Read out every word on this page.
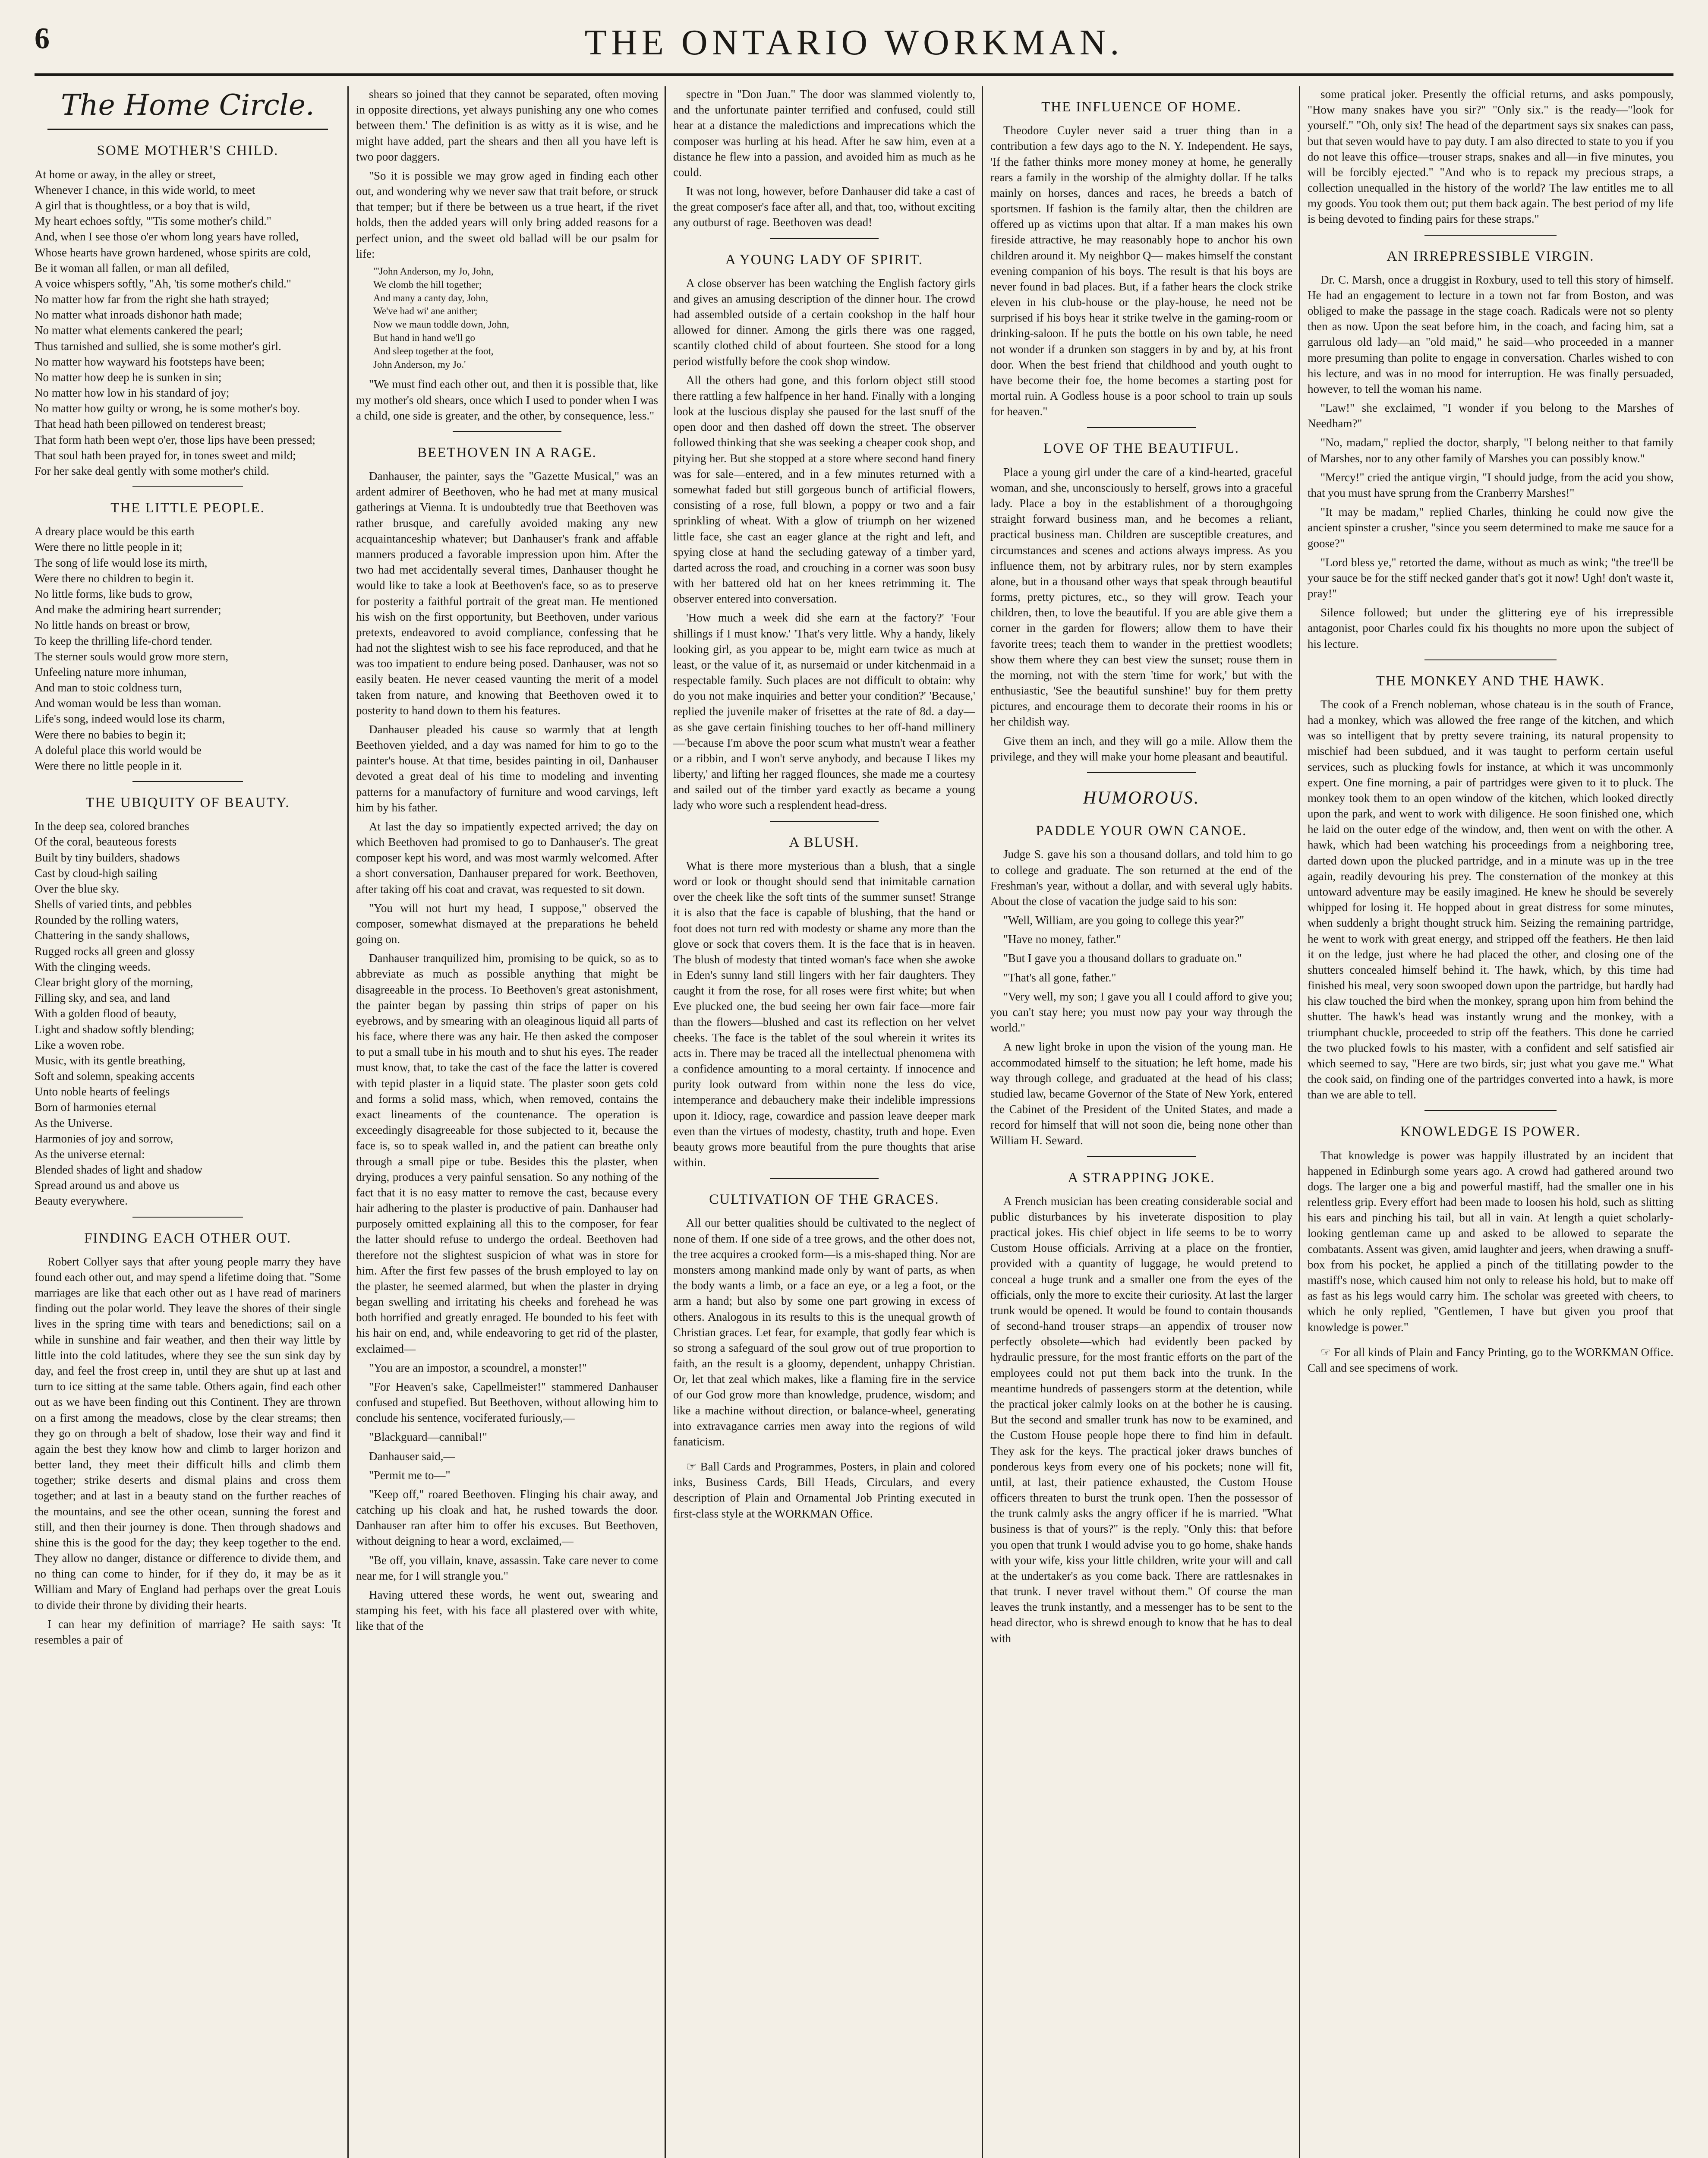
6	THE ONTARIO WORKMAN.
The Home Circle.
SOME MOTHER'S CHILD.
At home or away, in the alley or street,
Whenever I chance, in this wide world, to meet
A girl that is thoughtless, or a boy that is wild,
My heart echoes softly, "'Tis some mother's child."
And, when I see those o'er whom long years have rolled,
Whose hearts have grown hardened, whose spirits are cold,
Be it woman all fallen, or man all defiled,
A voice whispers softly, "Ah, 'tis some mother's child."
No matter how far from the right she hath strayed;
No matter what inroads dishonor hath made;
No matter what elements cankered the pearl;
Thus tarnished and sullied, she is some mother's girl.
No matter how wayward his footsteps have been;
No matter how deep he is sunken in sin;
No matter how low in his standard of joy;
No matter how guilty or wrong, he is some mother's boy.
That head hath been pillowed on tenderest breast;
That form hath been wept o'er, those lips have been pressed;
That soul hath been prayed for, in tones sweet and mild;
For her sake deal gently with some mother's child.
THE LITTLE PEOPLE.
A dreary place would be this earth
Were there no little people in it;
The song of life would lose its mirth,
Were there no children to begin it.
No little forms, like buds to grow,
And make the admiring heart surrender;
No little hands on breast or brow,
To keep the thrilling life-chord tender.
The sterner souls would grow more stern,
Unfeeling nature more inhuman,
And man to stoic coldness turn,
And woman would be less than woman.
Life's song, indeed would lose its charm,
Were there no babies to begin it;
A doleful place this world would be
Were there no little people in it.
THE UBIQUITY OF BEAUTY.
In the deep sea, colored branches
Of the coral, beauteous forests
Built by tiny builders, shadows
Cast by cloud-high sailing
Over the blue sky.
Shells of varied tints, and pebbles
Rounded by the rolling waters,
Chattering in the sandy shallows,
Rugged rocks all green and glossy
With the clinging weeds.
Clear bright glory of the morning,
Filling sky, and sea, and land
With a golden flood of beauty,
Light and shadow softly blending;
Like a woven robe.
Music, with its gentle breathing,
Soft and solemn, speaking accents
Unto noble hearts of feelings
Born of harmonies eternal
As the Universe.
Harmonies of joy and sorrow,
As the universe eternal:
Blended shades of light and shadow
Spread around us and above us
Beauty everywhere.
FINDING EACH OTHER OUT.

Robert Collyer says that after young people marry they have found each other out, and may spend a lifetime doing that. "Some marriages are like that each other out as I have read of mariners finding out the polar world. They leave the shores of their single lives in the spring time with tears and benedictions; sail on a while in sunshine and fair weather, and then their way little by little into the cold latitudes, where they see the sun sink day by day, and feel the frost creep in, until they are shut up at last and turn to ice sitting at the same table. Others again, find each other out as we have been finding out this Continent. They are thrown on a first among the meadows, close by the clear streams; then they go on through a belt of shadow, lose their way and find it again the best they know how and climb to larger horizon and better land, they meet their difficult hills and climb them together; strike deserts and dismal plains and cross them together; and at last in a beauty stand on the further reaches of the mountains, and see the other ocean, sunning the forest and still, and then their journey is done. Then through shadows and shine this is the good for the day; they keep together to the end. They allow no danger, distance or difference to divide them, and no thing can come to hinder, for if they do, it may be as it William and Mary of England had perhaps over the great Louis to divide their throne by dividing their hearts.

I can hear my definition of marriage? He saith says: 'It resembles a pair of

shears so joined that they cannot be separated, often moving in opposite directions, yet always punishing any one who comes between them.' The definition is as witty as it is wise, and he might have added, part the shears and then all you have left is two poor daggers.

"So it is possible we may grow aged in finding each other out, and wondering why we never saw that trait before, or struck that temper; but if there be between us a true heart, if the rivet holds, then the added years will only bring added reasons for a perfect union, and the sweet old ballad will be our psalm for life:

"'John Anderson, my Jo, John,
We clomb the hill together;
And many a canty day, John,
We've had wi' ane anither;
Now we maun toddle down, John,
But hand in hand we'll go
And sleep together at the foot,
John Anderson, my Jo.'

"We must find each other out, and then it is possible that, like my mother's old shears, once which I used to ponder when I was a child, one side is greater, and the other, by consequence, less."

BEETHOVEN IN A RAGE.

Danhauser, the painter, says the "Gazette Musical," was an ardent admirer of Beethoven, who he had met at many musical gatherings at Vienna. It is undoubtedly true that Beethoven was rather brusque, and carefully avoided making any new acquaintanceship whatever; but Danhauser's frank and affable manners produced a favorable impression upon him. After the two had met accidentally several times, Danhauser thought he would like to take a look at Beethoven's face, so as to preserve for posterity a faithful portrait of the great man. He mentioned his wish on the first opportunity, but Beethoven, under various pretexts, endeavored to avoid compliance, confessing that he had not the slightest wish to see his face reproduced, and that he was too impatient to endure being posed. Danhauser, was not so easily beaten. He never ceased vaunting the merit of a model taken from nature, and knowing that Beethoven owed it to posterity to hand down to them his features.

Danhauser pleaded his cause so warmly that at length Beethoven yielded, and a day was named for him to go to the painter's house. At that time, besides painting in oil, Danhauser devoted a great deal of his time to modeling and inventing patterns for a manufactory of furniture and wood carvings, left him by his father.

At last the day so impatiently expected arrived; the day on which Beethoven had promised to go to Danhauser's. The great composer kept his word, and was most warmly welcomed. After a short conversation, Danhauser prepared for work. Beethoven, after taking off his coat and cravat, was requested to sit down.

"You will not hurt my head, I suppose," observed the composer, somewhat dismayed at the preparations he beheld going on.

Danhauser tranquilized him, promising to be quick, so as to abbreviate as much as possible anything that might be disagreeable in the process. To Beethoven's great astonishment, the painter began by passing thin strips of paper on his eyebrows, and by smearing with an oleaginous liquid all parts of his face, where there was any hair. He then asked the composer to put a small tube in his mouth and to shut his eyes. The reader must know, that, to take the cast of the face the latter is covered with tepid plaster in a liquid state. The plaster soon gets cold and forms a solid mass, which, when removed, contains the exact lineaments of the countenance. The operation is exceedingly disagreeable for those subjected to it, because the face is, so to speak walled in, and the patient can breathe only through a small pipe or tube. Besides this the plaster, when drying, produces a very painful sensation. So any nothing of the fact that it is no easy matter to remove the cast, because every hair adhering to the plaster is productive of pain. Danhauser had purposely omitted explaining all this to the composer, for fear the latter should refuse to undergo the ordeal. Beethoven had therefore not the slightest suspicion of what was in store for him. After the first few passes of the brush employed to lay on the plaster, he seemed alarmed, but when the plaster in drying began swelling and irritating his cheeks and forehead he was both horrified and greatly enraged. He bounded to his feet with his hair on end, and, while endeavoring to get rid of the plaster, exclaimed—

"You are an impostor, a scoundrel, a monster!"

"For Heaven's sake, Capellmeister!" stammered Danhauser confused and stupefied. But Beethoven, without allowing him to conclude his sentence, vociferated furiously,—

"Blackguard—cannibal!"

Danhauser said,—

"Permit me to—"

"Keep off," roared Beethoven. Flinging his chair away, and catching up his cloak and hat, he rushed towards the door. Danhauser ran after him to offer his excuses. But Beethoven, without deigning to hear a word, exclaimed,—

"Be off, you villain, knave, assassin. Take care never to come near me, for I will strangle you."

Having uttered these words, he went out, swearing and stamping his feet, with his face all plastered over with white, like that of the

spectre in "Don Juan." The door was slammed violently to, and the unfortunate painter terrified and confused, could still hear at a distance the maledictions and imprecations which the composer was hurling at his head. After he saw him, even at a distance he flew into a passion, and avoided him as much as he could.

It was not long, however, before Danhauser did take a cast of the great composer's face after all, and that, too, without exciting any outburst of rage. Beethoven was dead!

A YOUNG LADY OF SPIRIT.

A close observer has been watching the English factory girls and gives an amusing description of the dinner hour. The crowd had assembled outside of a certain cookshop in the half hour allowed for dinner. Among the girls there was one ragged, scantily clothed child of about fourteen. She stood for a long period wistfully before the cook shop window.

All the others had gone, and this forlorn object still stood there rattling a few halfpence in her hand. Finally with a longing look at the luscious display she paused for the last snuff of the open door and then dashed off down the street. The observer followed thinking that she was seeking a cheaper cook shop, and pitying her. But she stopped at a store where second hand finery was for sale—entered, and in a few minutes returned with a somewhat faded but still gorgeous bunch of artificial flowers, consisting of a rose, full blown, a poppy or two and a fair sprinkling of wheat. With a glow of triumph on her wizened little face, she cast an eager glance at the right and left, and spying close at hand the secluding gateway of a timber yard, darted across the road, and crouching in a corner was soon busy with her battered old hat on her knees retrimming it. The observer entered into conversation.

'How much a week did she earn at the factory?' 'Four shillings if I must know.' 'That's very little. Why a handy, likely looking girl, as you appear to be, might earn twice as much at least, or the value of it, as nursemaid or under kitchenmaid in a respectable family. Such places are not difficult to obtain: why do you not make inquiries and better your condition?' 'Because,' replied the juvenile maker of frisettes at the rate of 8d. a day—as she gave certain finishing touches to her off-hand millinery—'because I'm above the poor scum what mustn't wear a feather or a ribbin, and I won't serve anybody, and because I likes my liberty,' and lifting her ragged flounces, she made me a courtesy and sailed out of the timber yard exactly as became a young lady who wore such a resplendent head-dress.

A BLUSH.

What is there more mysterious than a blush, that a single word or look or thought should send that inimitable carnation over the cheek like the soft tints of the summer sunset! Strange it is also that the face is capable of blushing, that the hand or foot does not turn red with modesty or shame any more than the glove or sock that covers them. It is the face that is in heaven. The blush of modesty that tinted woman's face when she awoke in Eden's sunny land still lingers with her fair daughters. They caught it from the rose, for all roses were first white; but when Eve plucked one, the bud seeing her own fair face—more fair than the flowers—blushed and cast its reflection on her velvet cheeks. The face is the tablet of the soul wherein it writes its acts in. There may be traced all the intellectual phenomena with a confidence amounting to a moral certainty. If innocence and purity look outward from within none the less do vice, intemperance and debauchery make their indelible impressions upon it. Idiocy, rage, cowardice and passion leave deeper mark even than the virtues of modesty, chastity, truth and hope. Even beauty grows more beautiful from the pure thoughts that arise within.

CULTIVATION OF THE GRACES.

All our better qualities should be cultivated to the neglect of none of them. If one side of a tree grows, and the other does not, the tree acquires a crooked form—is a mis-shaped thing. Nor are monsters among mankind made only by want of parts, as when the body wants a limb, or a face an eye, or a leg a foot, or the arm a hand; but also by some one part growing in excess of others. Analogous in its results to this is the unequal growth of Christian graces. Let fear, for example, that godly fear which is so strong a safeguard of the soul grow out of true proportion to faith, an the result is a gloomy, dependent, unhappy Christian. Or, let that zeal which makes, like a flaming fire in the service of our God grow more than knowledge, prudence, wisdom; and like a machine without direction, or balance-wheel, generating into extravagance carries men away into the regions of wild fanaticism.

☞ Ball Cards and Programmes, Posters, in plain and colored inks, Business Cards, Bill Heads, Circulars, and every description of Plain and Ornamental Job Printing executed in first-class style at the WORKMAN Office.

THE INFLUENCE OF HOME.

Theodore Cuyler never said a truer thing than in a contribution a few days ago to the N. Y. Independent. He says, 'If the father thinks more money money at home, he generally rears a family in the worship of the almighty dollar. If he talks mainly on horses, dances and races, he breeds a batch of sportsmen. If fashion is the family altar, then the children are offered up as victims upon that altar. If a man makes his own fireside attractive, he may reasonably hope to anchor his own children around it. My neighbor Q— makes himself the constant evening companion of his boys. The result is that his boys are never found in bad places. But, if a father hears the clock strike eleven in his club-house or the play-house, he need not be surprised if his boys hear it strike twelve in the gaming-room or drinking-saloon. If he puts the bottle on his own table, he need not wonder if a drunken son staggers in by and by, at his front door. When the best friend that childhood and youth ought to have become their foe, the home becomes a starting post for mortal ruin. A Godless house is a poor school to train up souls for heaven."

LOVE OF THE BEAUTIFUL.

Place a young girl under the care of a kind-hearted, graceful woman, and she, unconsciously to herself, grows into a graceful lady. Place a boy in the establishment of a thoroughgoing straight forward business man, and he becomes a reliant, practical business man. Children are susceptible creatures, and circumstances and scenes and actions always impress. As you influence them, not by arbitrary rules, nor by stern examples alone, but in a thousand other ways that speak through beautiful forms, pretty pictures, etc., so they will grow. Teach your children, then, to love the beautiful. If you are able give them a corner in the garden for flowers; allow them to have their favorite trees; teach them to wander in the prettiest woodlets; show them where they can best view the sunset; rouse them in the morning, not with the stern 'time for work,' but with the enthusiastic, 'See the beautiful sunshine!' buy for them pretty pictures, and encourage them to decorate their rooms in his or her childish way.

Give them an inch, and they will go a mile. Allow them the privilege, and they will make your home pleasant and beautiful.

HUMOROUS.
PADDLE YOUR OWN CANOE.

Judge S. gave his son a thousand dollars, and told him to go to college and graduate. The son returned at the end of the Freshman's year, without a dollar, and with several ugly habits. About the close of vacation the judge said to his son:

"Well, William, are you going to college this year?"

"Have no money, father."

"But I gave you a thousand dollars to graduate on."

"That's all gone, father."

"Very well, my son; I gave you all I could afford to give you; you can't stay here; you must now pay your way through the world."

A new light broke in upon the vision of the young man. He accommodated himself to the situation; he left home, made his way through college, and graduated at the head of his class; studied law, became Governor of the State of New York, entered the Cabinet of the President of the United States, and made a record for himself that will not soon die, being none other than William H. Seward.

A STRAPPING JOKE.

A French musician has been creating considerable social and public disturbances by his inveterate disposition to play practical jokes. His chief object in life seems to be to worry Custom House officials. Arriving at a place on the frontier, provided with a quantity of luggage, he would pretend to conceal a huge trunk and a smaller one from the eyes of the officials, only the more to excite their curiosity. At last the larger trunk would be opened. It would be found to contain thousands of second-hand trouser straps—an appendix of trouser now perfectly obsolete—which had evidently been packed by hydraulic pressure, for the most frantic efforts on the part of the employees could not put them back into the trunk. In the meantime hundreds of passengers storm at the detention, while the practical joker calmly looks on at the bother he is causing. But the second and smaller trunk has now to be examined, and the Custom House people hope there to find him in default. They ask for the keys. The practical joker draws bunches of ponderous keys from every one of his pockets; none will fit, until, at last, their patience exhausted, the Custom House officers threaten to burst the trunk open. Then the possessor of the trunk calmly asks the angry officer if he is married. "What business is that of yours?" is the reply. "Only this: that before you open that trunk I would advise you to go home, shake hands with your wife, kiss your little children, write your will and call at the undertaker's as you come back. There are rattlesnakes in that trunk. I never travel without them." Of course the man leaves the trunk instantly, and a messenger has to be sent to the head director, who is shrewd enough to know that he has to deal with

some pratical joker. Presently the official returns, and asks pompously, "How many snakes have you sir?" "Only six." is the ready—"look for yourself." "Oh, only six! The head of the department says six snakes can pass, but that seven would have to pay duty. I am also directed to state to you if you do not leave this office—trouser straps, snakes and all—in five minutes, you will be forcibly ejected." "And who is to repack my precious straps, a collection unequalled in the history of the world? The law entitles me to all my goods. You took them out; put them back again. The best period of my life is being devoted to finding pairs for these straps."

AN IRREPRESSIBLE VIRGIN.

Dr. C. Marsh, once a druggist in Roxbury, used to tell this story of himself. He had an engagement to lecture in a town not far from Boston, and was obliged to make the passage in the stage coach. Radicals were not so plenty then as now. Upon the seat before him, in the coach, and facing him, sat a garrulous old lady—an "old maid," he said—who proceeded in a manner more presuming than polite to engage in conversation. Charles wished to con his lecture, and was in no mood for interruption. He was finally persuaded, however, to tell the woman his name.

"Law!" she exclaimed, "I wonder if you belong to the Marshes of Needham?"

"No, madam," replied the doctor, sharply, "I belong neither to that family of Marshes, nor to any other family of Marshes you can possibly know."

"Mercy!" cried the antique virgin, "I should judge, from the acid you show, that you must have sprung from the Cranberry Marshes!"

"It may be madam," replied Charles, thinking he could now give the ancient spinster a crusher, "since you seem determined to make me sauce for a goose?"

"Lord bless ye," retorted the dame, without as much as wink; "the tree'll be your sauce be for the stiff necked gander that's got it now! Ugh! don't waste it, pray!"

Silence followed; but under the glittering eye of his irrepressible antagonist, poor Charles could fix his thoughts no more upon the subject of his lecture.

THE MONKEY AND THE HAWK.

The cook of a French nobleman, whose chateau is in the south of France, had a monkey, which was allowed the free range of the kitchen, and which was so intelligent that by pretty severe training, its natural propensity to mischief had been subdued, and it was taught to perform certain useful services, such as plucking fowls for instance, at which it was uncommonly expert. One fine morning, a pair of partridges were given to it to pluck. The monkey took them to an open window of the kitchen, which looked directly upon the park, and went to work with diligence. He soon finished one, which he laid on the outer edge of the window, and, then went on with the other. A hawk, which had been watching his proceedings from a neighboring tree, darted down upon the plucked partridge, and in a minute was up in the tree again, readily devouring his prey. The consternation of the monkey at this untoward adventure may be easily imagined. He knew he should be severely whipped for losing it. He hopped about in great distress for some minutes, when suddenly a bright thought struck him. Seizing the remaining partridge, he went to work with great energy, and stripped off the feathers. He then laid it on the ledge, just where he had placed the other, and closing one of the shutters concealed himself behind it. The hawk, which, by this time had finished his meal, very soon swooped down upon the partridge, but hardly had his claw touched the bird when the monkey, sprang upon him from behind the shutter. The hawk's head was instantly wrung and the monkey, with a triumphant chuckle, proceeded to strip off the feathers. This done he carried the two plucked fowls to his master, with a confident and self satisfied air which seemed to say, "Here are two birds, sir; just what you gave me." What the cook said, on finding one of the partridges converted into a hawk, is more than we are able to tell.

KNOWLEDGE IS POWER.

That knowledge is power was happily illustrated by an incident that happened in Edinburgh some years ago. A crowd had gathered around two dogs. The larger one a big and powerful mastiff, had the smaller one in his relentless grip. Every effort had been made to loosen his hold, such as slitting his ears and pinching his tail, but all in vain. At length a quiet scholarly-looking gentleman came up and asked to be allowed to separate the combatants. Assent was given, amid laughter and jeers, when drawing a snuff-box from his pocket, he applied a pinch of the titillating powder to the mastiff's nose, which caused him not only to release his hold, but to make off as fast as his legs would carry him. The scholar was greeted with cheers, to which he only replied, "Gentlemen, I have but given you proof that knowledge is power."

☞ For all kinds of Plain and Fancy Printing, go to the WORKMAN Office. Call and see specimens of work.
